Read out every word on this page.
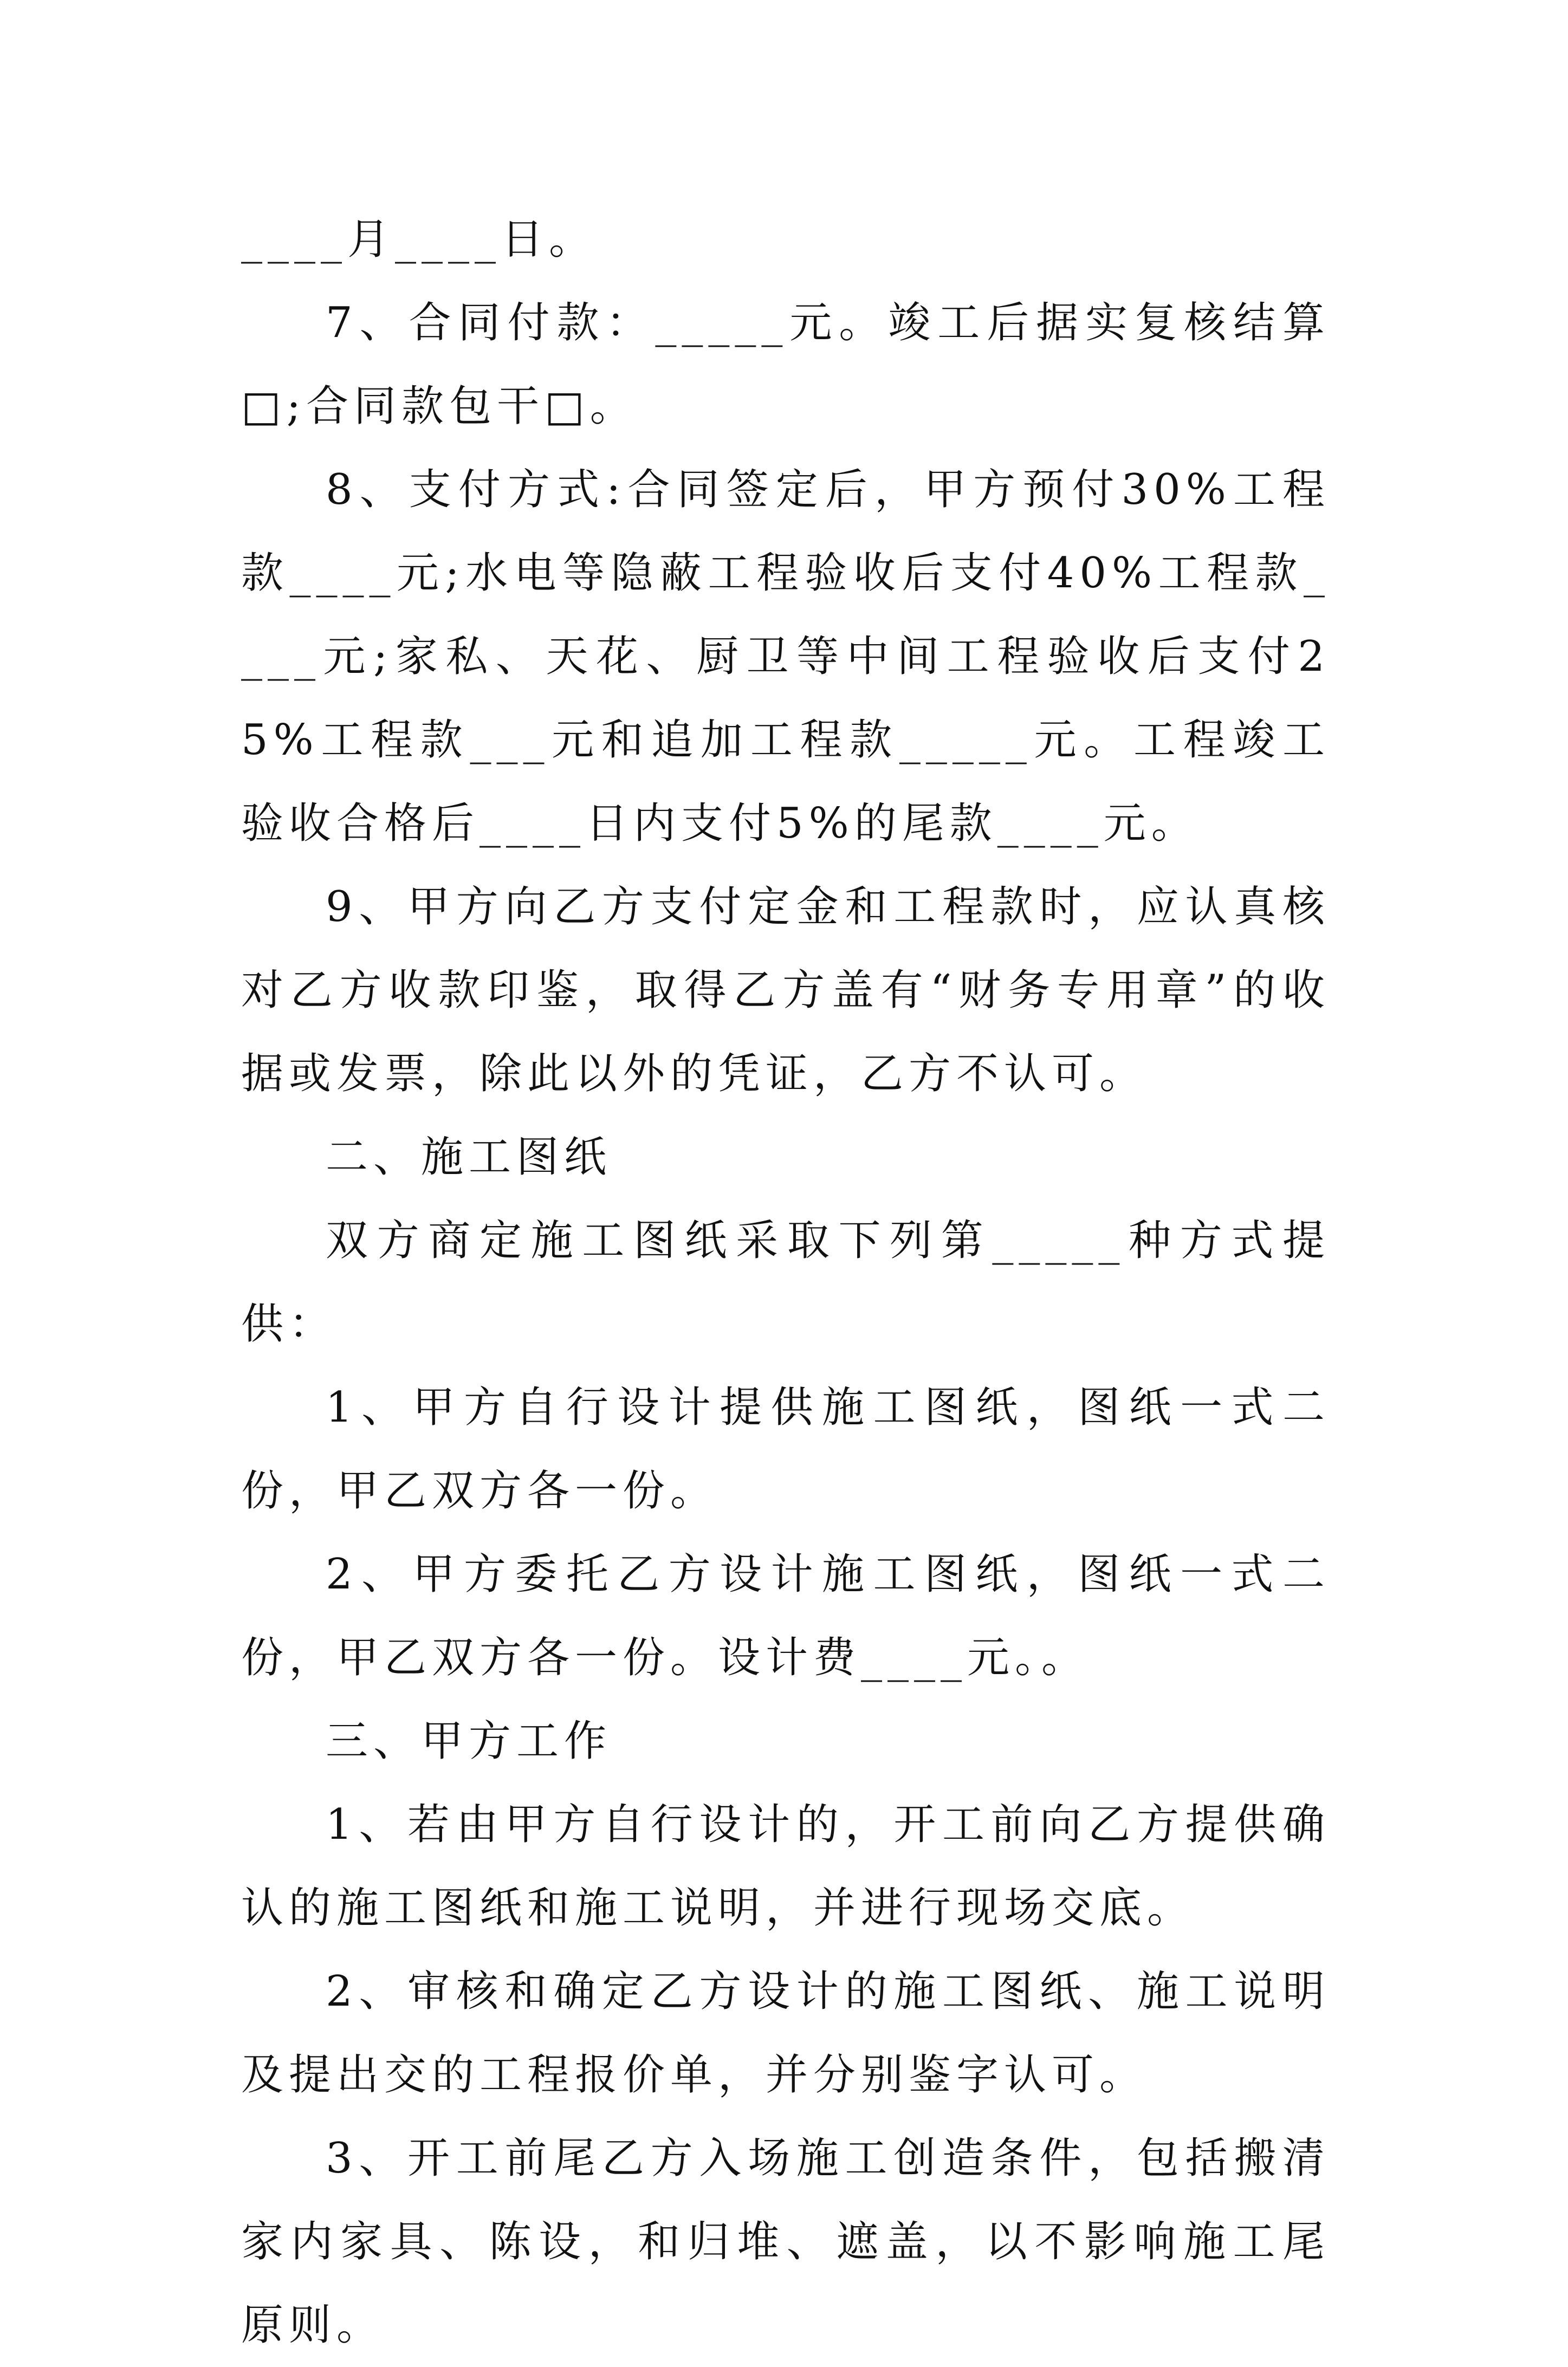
____月____日。

7、合同付款：_____元。竣工后据实复核结算□;合同款包干□。

8、支付方式:合同签定后，甲方预付30%工程款____元;水电等隐蔽工程验收后支付40%工程款____元;家私、天花、厨卫等中间工程验收后支付25%工程款___元和追加工程款_____元。工程竣工验收合格后____日内支付5%的尾款____元。

9、甲方向乙方支付定金和工程款时，应认真核对乙方收款印鉴，取得乙方盖有“财务专用章”的收据或发票，除此以外的凭证，乙方不认可。

二、施工图纸

双方商定施工图纸采取下列第_____种方式提供：

1、甲方自行设计提供施工图纸，图纸一式二份，甲乙双方各一份。

2、甲方委托乙方设计施工图纸，图纸一式二份，甲乙双方各一份。设计费____元。。

三、甲方工作

1、若由甲方自行设计的，开工前向乙方提供确认的施工图纸和施工说明，并进行现场交底。

2、审核和确定乙方设计的施工图纸、施工说明及提出交的工程报价单，并分别鉴字认可。

3、开工前尾乙方入场施工创造条件，包括搬清家内家具、陈设，和归堆、遮盖，以不影响施工尾原则。
